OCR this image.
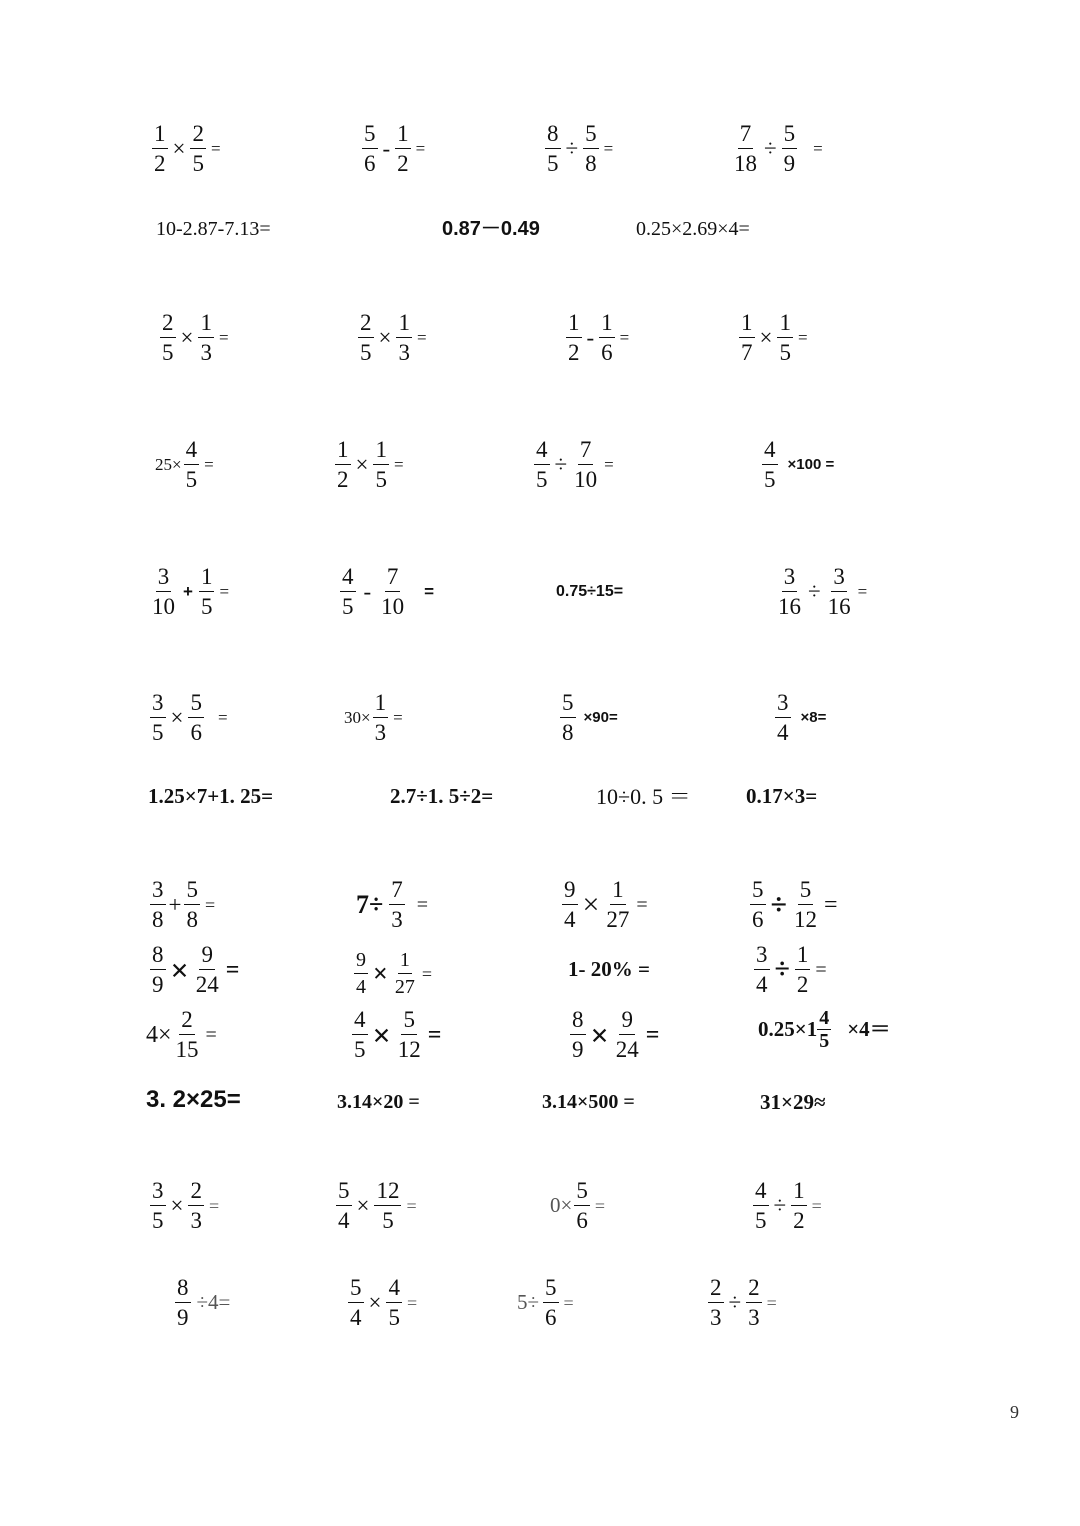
$\frac{1}{2} \times \frac{2}{5}$ =	$\frac{5}{6} - \frac{1}{2}$ =	$\frac{8}{5} \div \frac{5}{8}$ =	$\frac{7}{18} \div \frac{5}{9}$ =
10-2.87-7.13=	0.87－0.49	0.25×2.69×4=
$\frac{2}{5} \times \frac{1}{3}$ =	$\frac{2}{5} \times \frac{1}{3}$ =	$\frac{1}{2} - \frac{1}{6}$ =	$\frac{1}{7} \times \frac{1}{5}$ =
$25\times \frac{4}{5}$ =	$\frac{1}{2} \times \frac{1}{5}$ =	$\frac{4}{5} \div \frac{7}{10}$ =	$\frac{4}{5} \times 100$ =
$\frac{3}{10} + \frac{1}{5}$ =	$\frac{4}{5} - \frac{7}{10}$ =	0.75÷15=	$\frac{3}{16} \div \frac{3}{16}$ =
$\frac{3}{5} \times \frac{5}{6}$ =	$30\times \frac{1}{3}$ =	$\frac{5}{8} \times 90=$	$\frac{3}{4} \times 8=$
1.25×7+1. 25=	2.7÷1. 5÷2=	10÷0. 5 ＝	0.17×3=
$\frac{3}{8} + \frac{5}{8}$ =	$7\div \frac{7}{3}$ =	$\frac{9}{4} \times \frac{1}{27}$ =	$\frac{5}{6} \div \frac{5}{12}$ =
$\frac{8}{9} \times \frac{9}{24}$ =	$\frac{9}{4} \times \frac{1}{27}$ =	1- 20% =	$\frac{3}{4} \div \frac{1}{2}$ =
$4\times \frac{2}{15}$ =	$\frac{4}{5} \times \frac{5}{12}$ =	$\frac{8}{9} \times \frac{9}{24}$ =	$0.25\times 1 \frac{4}{5} \times 4=$
3. 2×25=	3.14×20 =	3.14×500 =	31×29≈
$\frac{3}{5} \times \frac{2}{3}$ =	$\frac{5}{4} \times \frac{12}{5}$ =	$0\times \frac{5}{6}$ =	$\frac{4}{5} \div \frac{1}{2}$ =
$\frac{8}{9} \div 4=$	$\frac{5}{4} \times \frac{4}{5}$ =	$5\div \frac{5}{6}$ =	$\frac{2}{3} \div \frac{2}{3}$ =
9
